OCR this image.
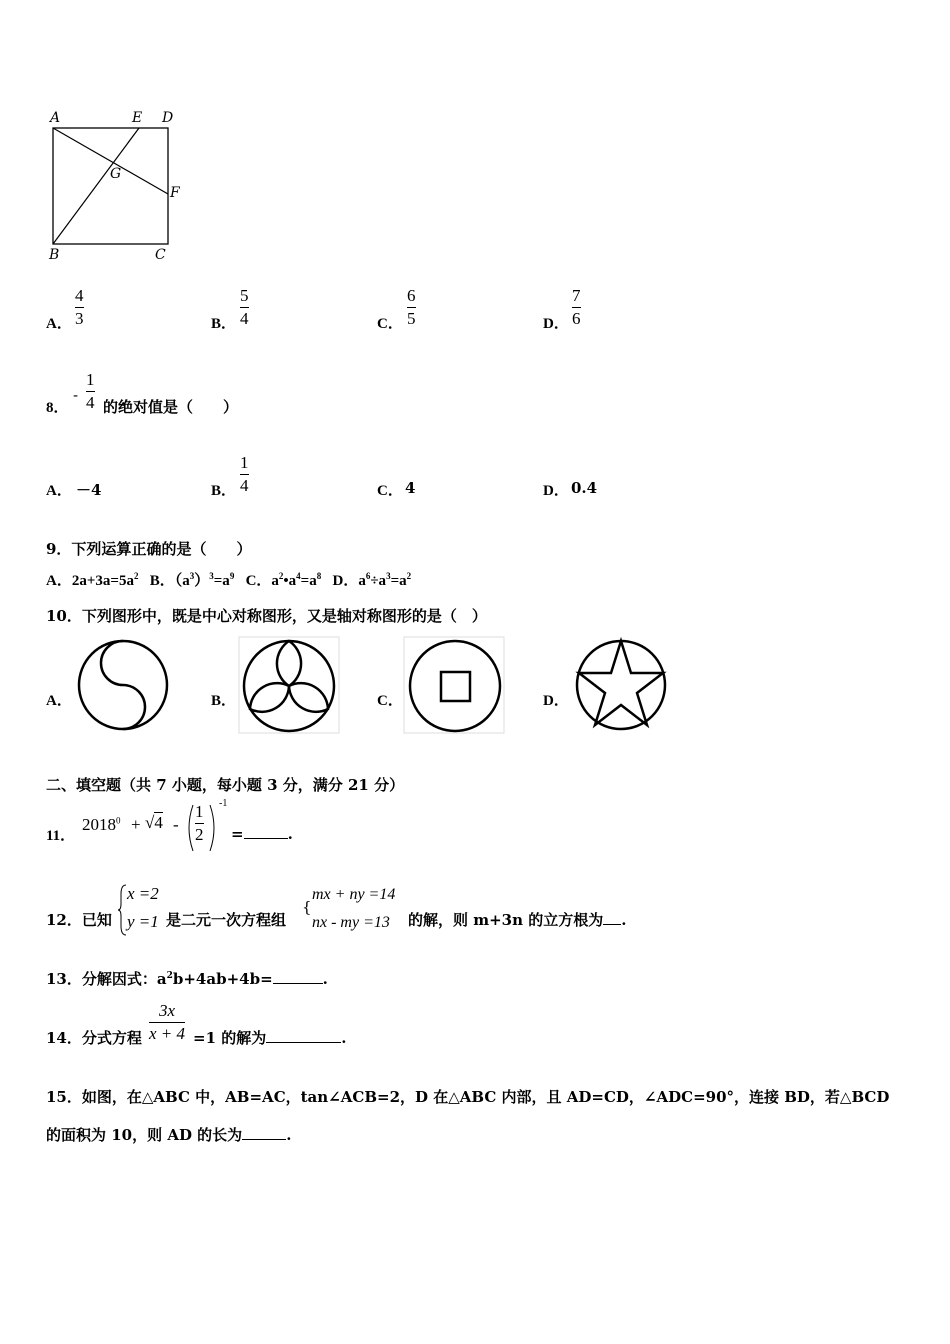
A	E D
G
F
B	C
A．
4
3	B．
5
4	C．
6
5	D．
7
6
8．
-
1
4 的绝对值是（　　）
A． －4	B．
1
4	C． 4	D． 0.4
9．下列运算正确的是（　　）
A．$2a+3a=5a^2$ B．$(a^3)^3=a^9$ C．$a^2•a^4=a^8$ D．$a^6\div a^3=a^2$
10．下列图形中，既是中心对称图形，又是轴对称图形的是（　）
A．	B．	C．	D．
二、填空题（共 7 小题，每小题 3 分，满分 21 分）
11．
$2018^0 + √4$ -
1
2
-1
=	.
12．已知
x =2
y =1 是二元一次方程组
{
mx + ny =14
nx - my =13 的解，则 m+3n 的立方根为 .
13．分解因式：$a^2b+4ab+4b=$	.
14．分式方程
3x
x + 4 =1 的解为	.
15．如图，在△ABC 中，AB=AC，tan∠ACB=2，D 在△ABC 内部，且 AD=CD，∠ADC=90°，连接 BD，若△BCD
的面积为 10，则 AD 的长为	.
